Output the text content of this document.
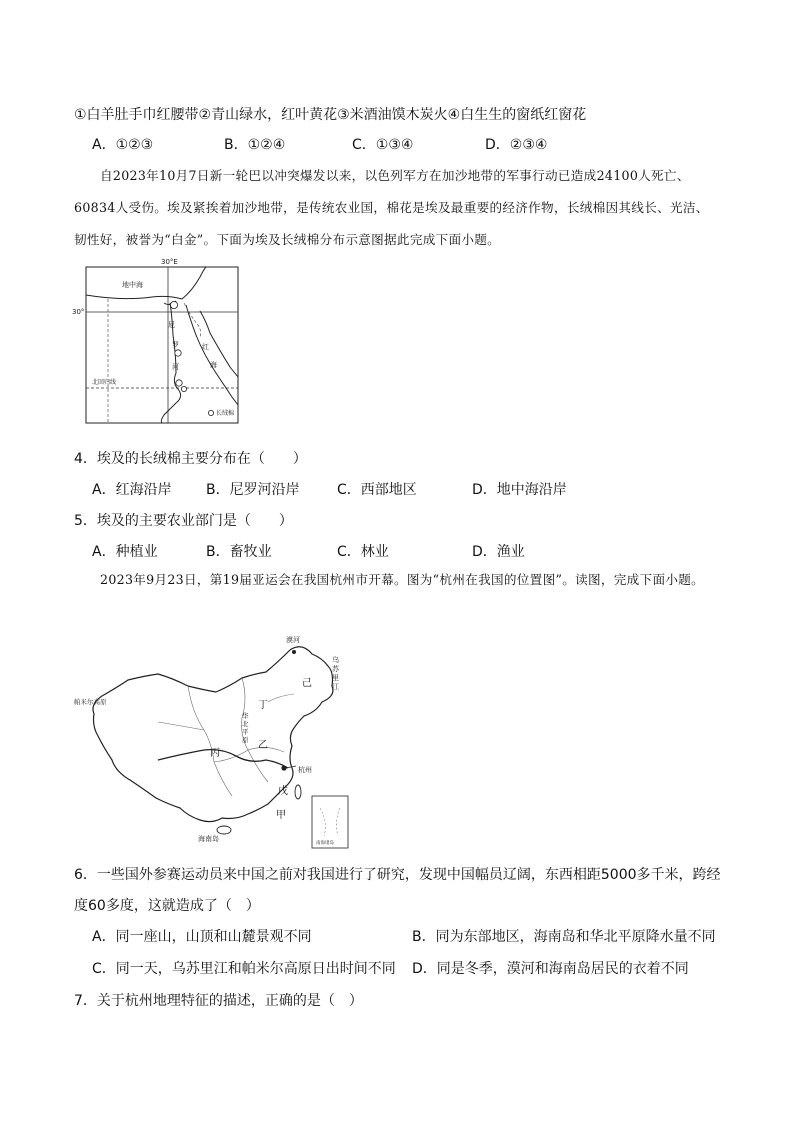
①白羊肚手巾红腰带②青山绿水，红叶黄花③米酒油馍木炭火④白生生的窗纸红窗花
A．①②③	B．①②④	C．①③④	D．②③④
自2023年10月7日新一轮巴以冲突爆发以来，以色列军方在加沙地带的军事行动已造成24100人死亡、60834人受伤。埃及紧挨着加沙地带，是传统农业国，棉花是埃及最重要的经济作物，长绒棉因其线长、光洁、韧性好，被誉为“白金”。下面为埃及长绒棉分布示意图据此完成下面小题。
30°E
30°
地中海
尼
罗
河
红
海
北回归线
长绒棉
4．埃及的长绒棉主要分布在（　　）
A．红海沿岸 B．尼罗河沿岸	C．西部地区	D．地中海沿岸
5．埃及的主要农业部门是（　　）
A．种植业	B．畜牧业	C．林业	D．渔业
2023年9月23日，第19届亚运会在我国杭州市开幕。图为“杭州在我国的位置图”。读图，完成下面小题。
漠河
乌
苏
里
江
帕米尔高原
杭州
海南岛
华
北
平
原
甲
乙
丙
丁
戊
己
南海诸岛
6．一些国外参赛运动员来中国之前对我国进行了研究，发现中国幅员辽阔，东西相距5000多千米，跨经
度60多度，这就造成了（　）
A．同一座山，山顶和山麓景观不同	B．同为东部地区，海南岛和华北平原降水量不同
C．同一天，乌苏里江和帕米尔高原日出时间不同 D．同是冬季，漠河和海南岛居民的衣着不同
7．关于杭州地理特征的描述，正确的是（　）
